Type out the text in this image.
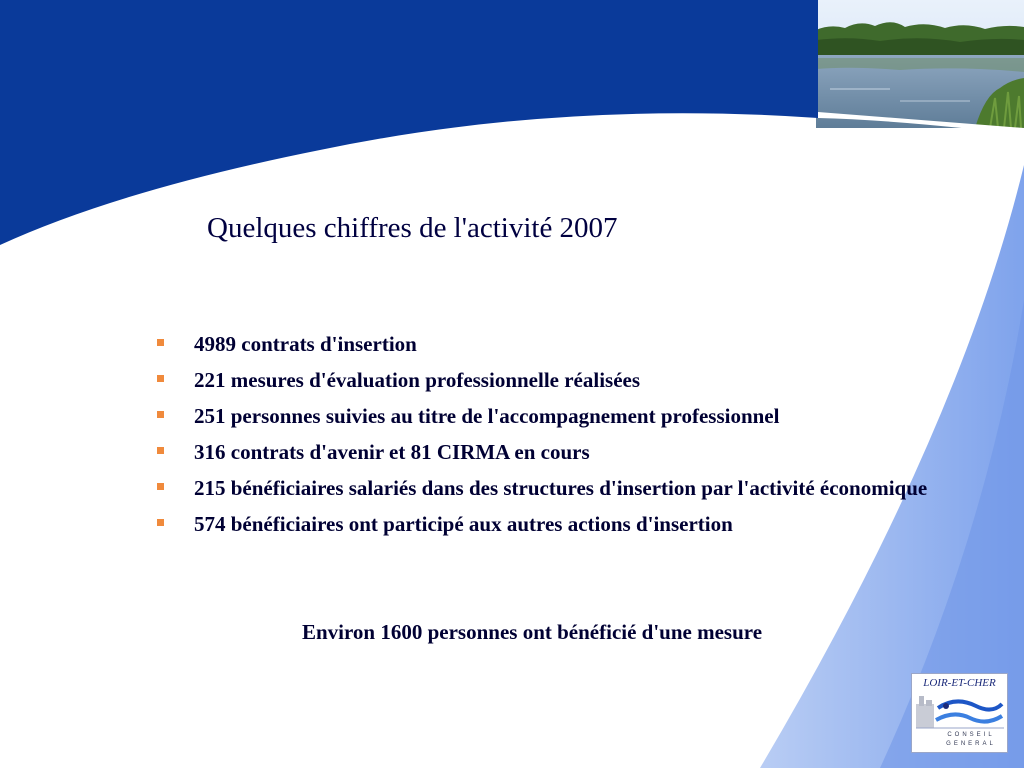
Quelques chiffres de l'activité 2007
4989 contrats d'insertion
221 mesures d'évaluation professionnelle réalisées
251 personnes suivies au titre de l'accompagnement professionnel
316 contrats d'avenir et 81 CIRMA en cours
215 bénéficiaires salariés dans des structures d'insertion par l'activité économique
574 bénéficiaires ont participé aux autres actions d'insertion

Environ 1600 personnes ont bénéficié d'une mesure

LOIR-ET-CHER
CONSEIL
GENERAL
